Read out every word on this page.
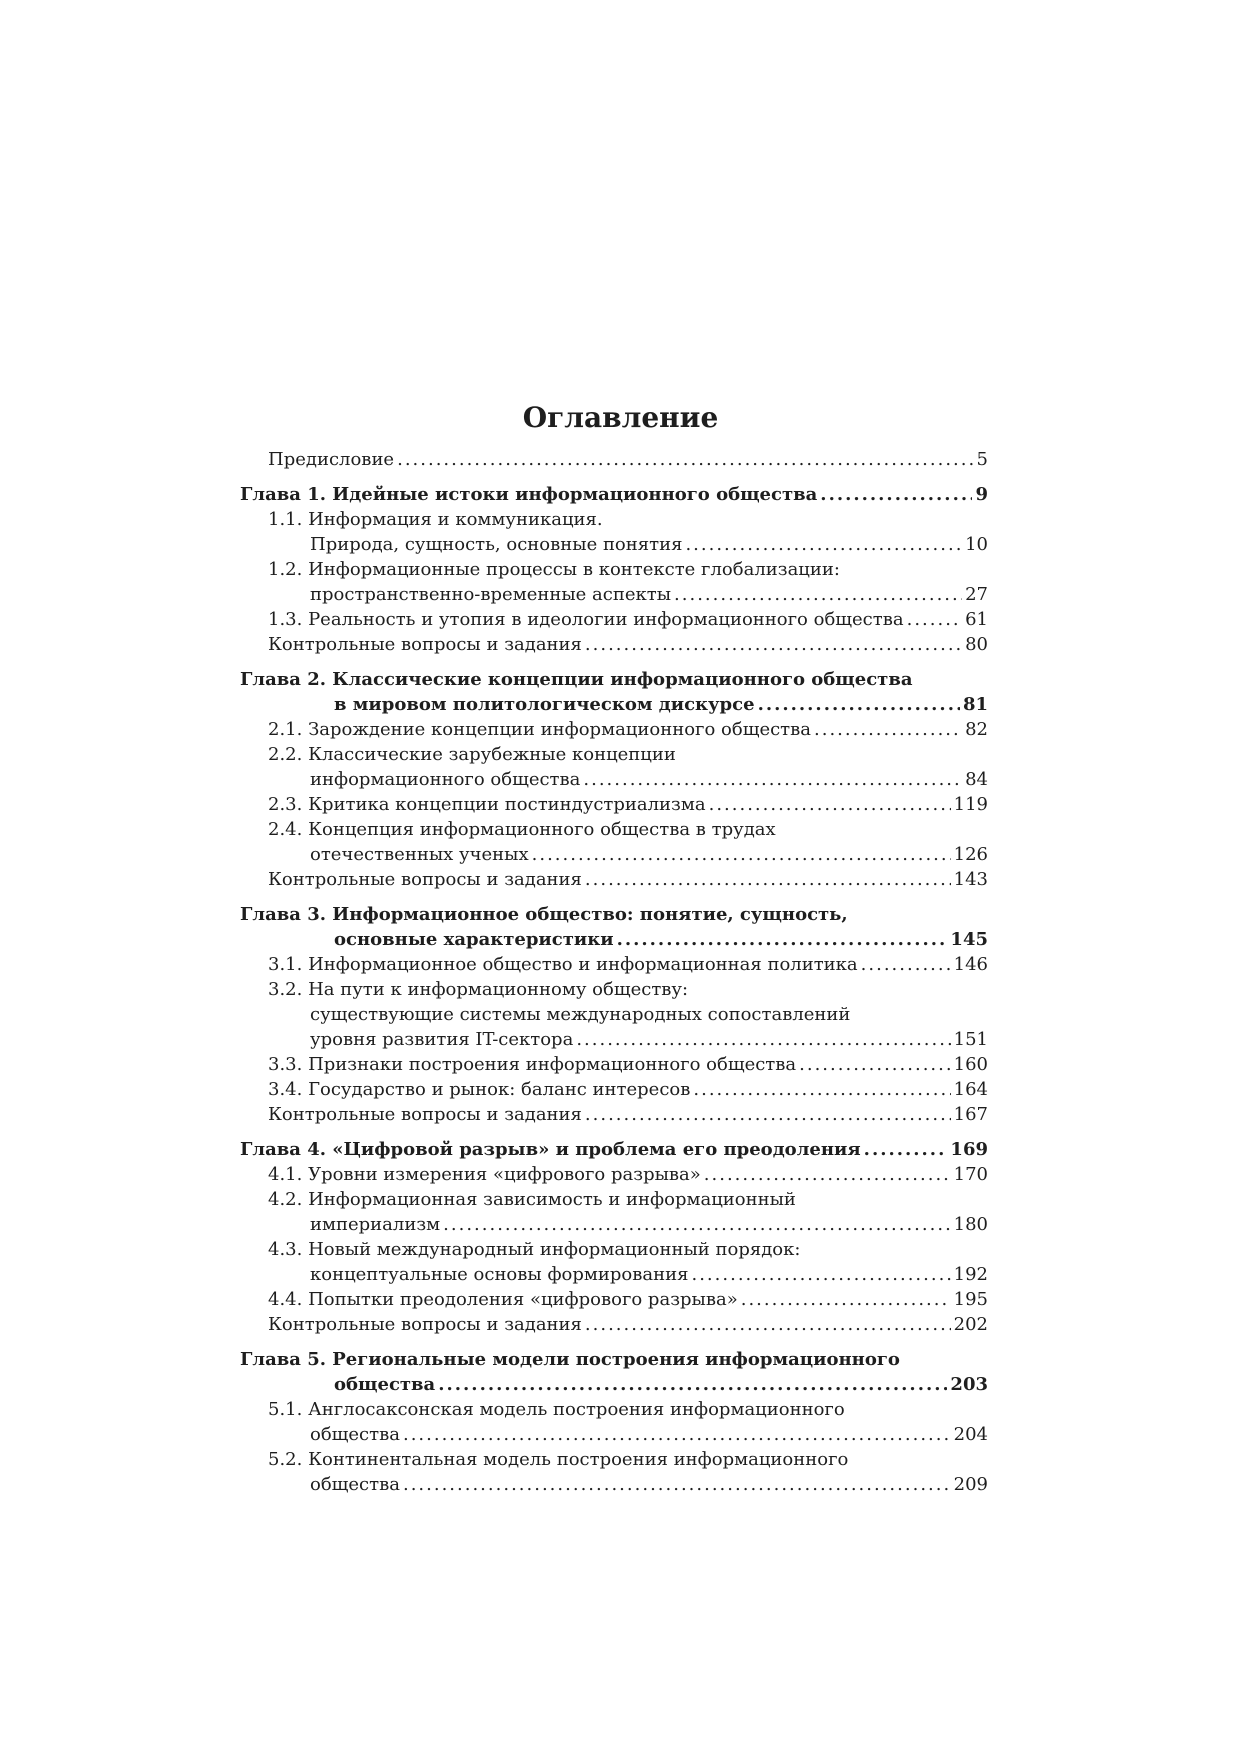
Оглавление
Предисловие .....	5
Глава 1. Идейные истоки информационного общества .....	9
1.1. Информация и коммуникация.
Природа, сущность, основные понятия .....	10
1.2. Информационные процессы в контексте глобализации:
пространственно-временные аспекты .....	27
1.3. Реальность и утопия в идеологии информационного общества .....	61
Контрольные вопросы и задания .....	80
Глава 2. Классические концепции информационного общества
в мировом политологическом дискурсе .....	81
2.1. Зарождение концепции информационного общества .....	82
2.2. Классические зарубежные концепции
информационного общества .....	84
2.3. Критика концепции постиндустриализма .....	119
2.4. Концепция информационного общества в трудах
отечественных ученых .....	126
Контрольные вопросы и задания .....	143
Глава 3. Информационное общество: понятие, сущность,
основные характеристики .....	145
3.1. Информационное общество и информационная политика .....	146
3.2. На пути к информационному обществу:
существующие системы международных сопоставлений
уровня развития IT-сектора .....	151
3.3. Признаки построения информационного общества .....	160
3.4. Государство и рынок: баланс интересов .....	164
Контрольные вопросы и задания .....	167
Глава 4. «Цифровой разрыв» и проблема его преодоления .....	169
4.1. Уровни измерения «цифрового разрыва» .....	170
4.2. Информационная зависимость и информационный
империализм .....	180
4.3. Новый международный информационный порядок:
концептуальные основы формирования .....	192
4.4. Попытки преодоления «цифрового разрыва» .....	195
Контрольные вопросы и задания .....	202
Глава 5. Региональные модели построения информационного
общества .....	203
5.1. Англосаксонская модель построения информационного
общества .....	204
5.2. Континентальная модель построения информационного
общества .....	209
